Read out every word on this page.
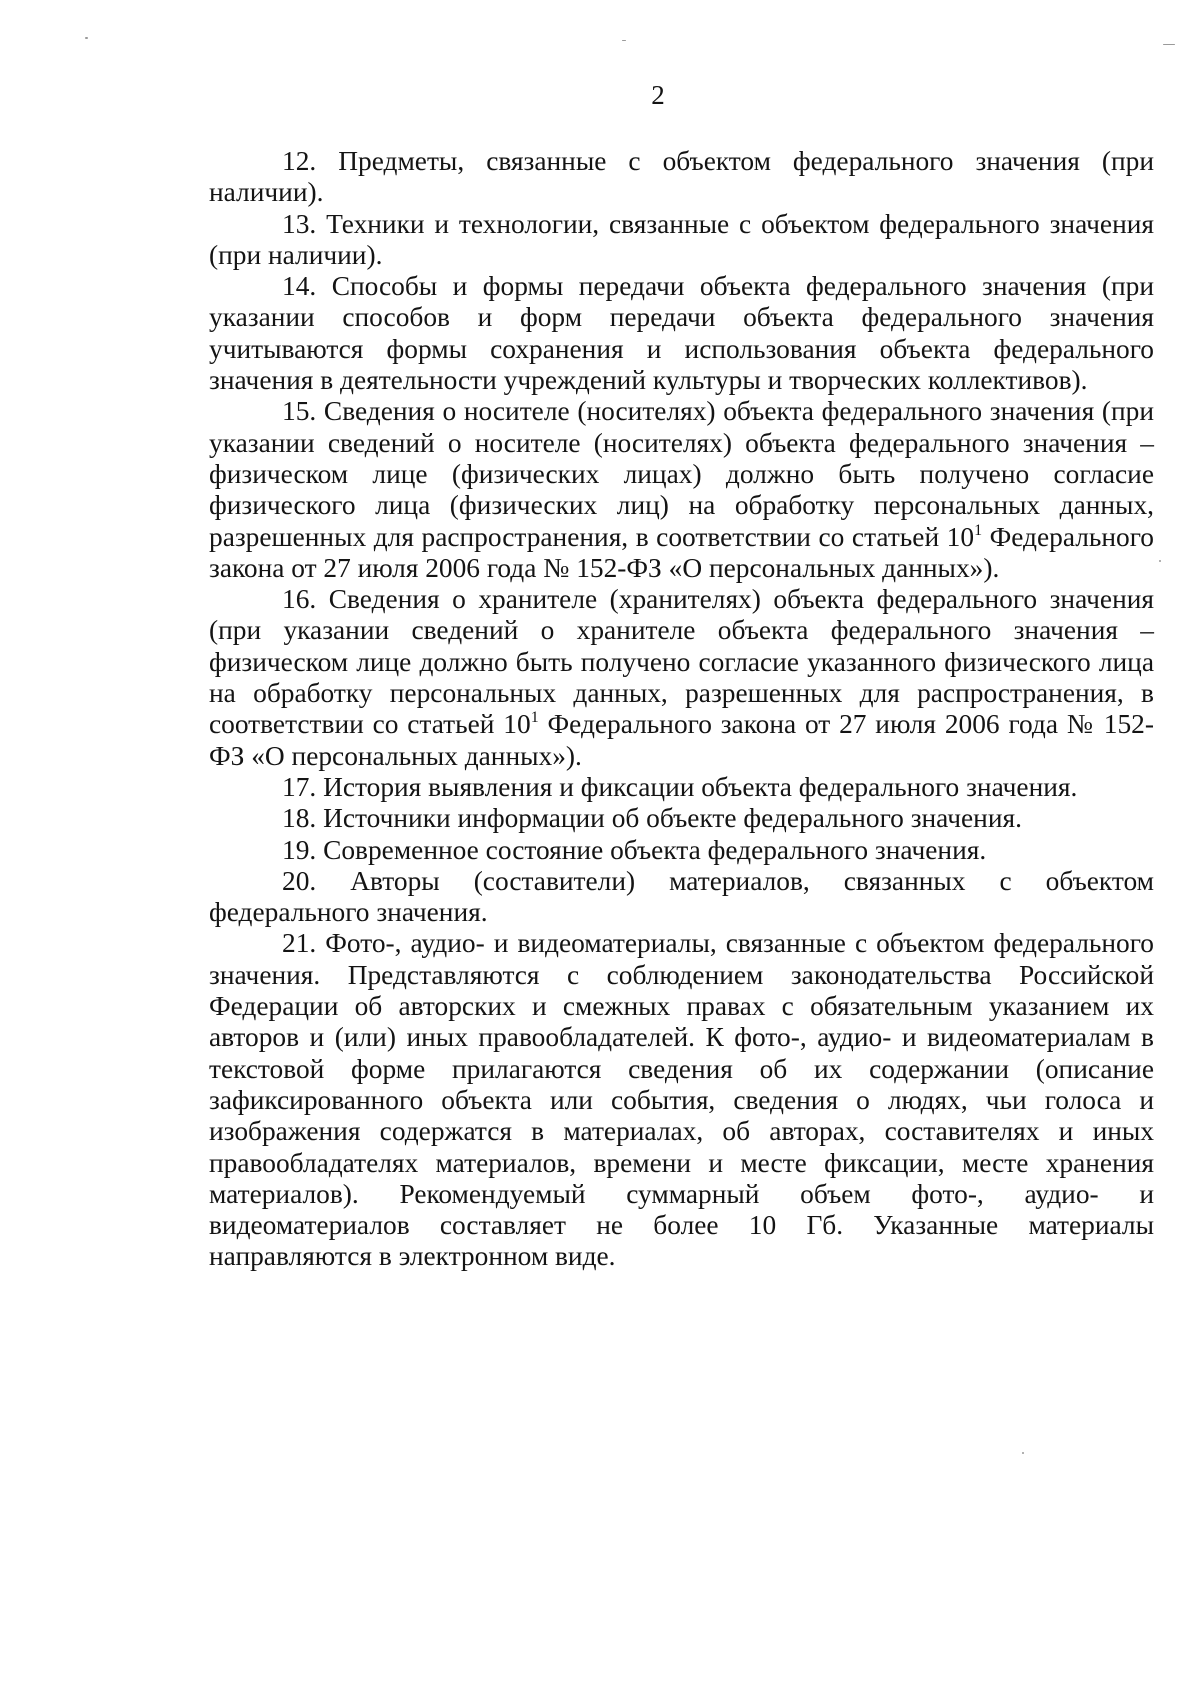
2

12. Предметы, связанные с объектом федерального значения (при наличии).

13. Техники и технологии, связанные с объектом федерального значения (при наличии).

14. Способы и формы передачи объекта федерального значения (при указании способов и форм передачи объекта федерального значения учитываются формы сохранения и использования объекта федерального значения в деятельности учреждений культуры и творческих коллективов).

15. Сведения о носителе (носителях) объекта федерального значения (при указании сведений о носителе (носителях) объекта федерального значения – физическом лице (физических лицах) должно быть получено согласие физического лица (физических лиц) на обработку персональных данных, разрешенных для распространения, в соответствии со статьей $10^1$ Федерального закона от 27 июля 2006 года № 152-ФЗ «О персональных данных»).

16. Сведения о хранителе (хранителях) объекта федерального значения (при указании сведений о хранителе объекта федерального значения – физическом лице должно быть получено согласие указанного физического лица на обработку персональных данных, разрешенных для распространения, в соответствии со статьей $10^1$ Федерального закона от 27 июля 2006 года № 152-ФЗ «О персональных данных»).

17. История выявления и фиксации объекта федерального значения.

18. Источники информации об объекте федерального значения.

19. Современное состояние объекта федерального значения.

20. Авторы (составители) материалов, связанных с объектом федерального значения.

21. Фото-, аудио- и видеоматериалы, связанные с объектом федерального значения. Представляются с соблюдением законодательства Российской Федерации об авторских и смежных правах с обязательным указанием их авторов и (или) иных правообладателей. К фото-, аудио- и видеоматериалам в текстовой форме прилагаются сведения об их содержании (описание зафиксированного объекта или события, сведения о людях, чьи голоса и изображения содержатся в материалах, об авторах, составителях и иных правообладателях материалов, времени и месте фиксации, месте хранения материалов). Рекомендуемый суммарный объем фото-, аудио- и видеоматериалов составляет не более 10 Гб. Указанные материалы направляются в электронном виде.
